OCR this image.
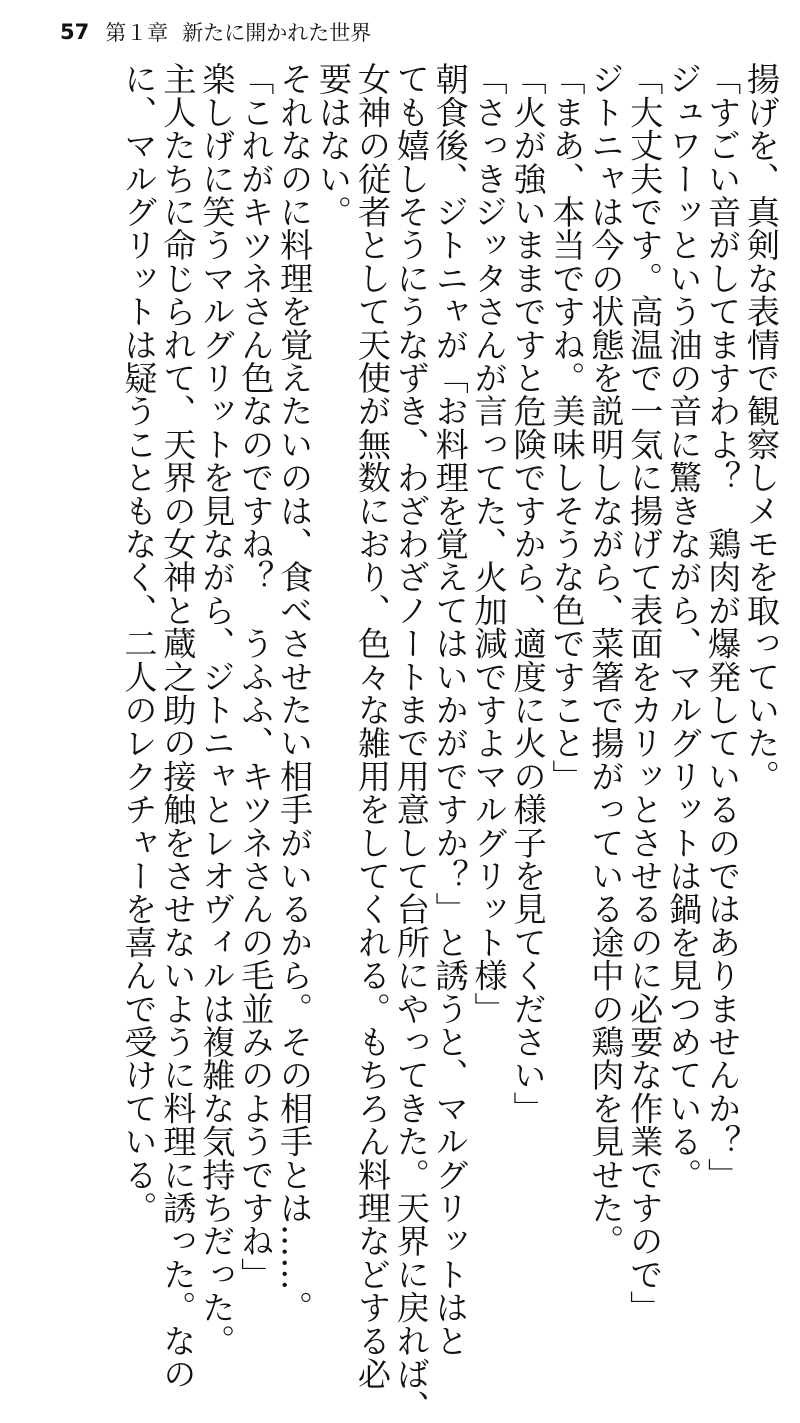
57 第１章 新たに開かれた世界
揚げを、真剣な表情で観察しメモを取っていた。
「すごい音がしてますわよ？　鶏肉が爆発しているのではありませんか？」
ジュワーッという油の音に驚きながら、マルグリットは鍋を見つめている。
「大丈夫です。高温で一気に揚げて表面をカリッとさせるのに必要な作業ですので」
ジトニャは今の状態を説明しながら、菜箸で揚がっている途中の鶏肉を見せた。
「まあ、本当ですね。美味しそうな色ですこと」
「火が強いままですと危険ですから、適度に火の様子を見てください」
「さっきジッタさんが言ってた、火加減ですよマルグリット様」
朝食後、ジトニャが「お料理を覚えてはいかがですか？」と誘うと、マルグリットはと
ても嬉しそうにうなずき、わざわざノートまで用意して台所にやってきた。天界に戻れば、
女神の従者として天使が無数におり、色々な雑用をしてくれる。もちろん料理などする必
要はない。
それなのに料理を覚えたいのは、食べさせたい相手がいるから。その相手とは……。
「これがキツネさん色なのですね？　うふふ、キツネさんの毛並みのようですね」
楽しげに笑うマルグリットを見ながら、ジトニャとレオヴィルは複雑な気持ちだった。
主人たちに命じられて、天界の女神と蔵之助の接触をさせないように料理に誘った。なの
に、マルグリットは疑うこともなく、二人のレクチャーを喜んで受けている。
